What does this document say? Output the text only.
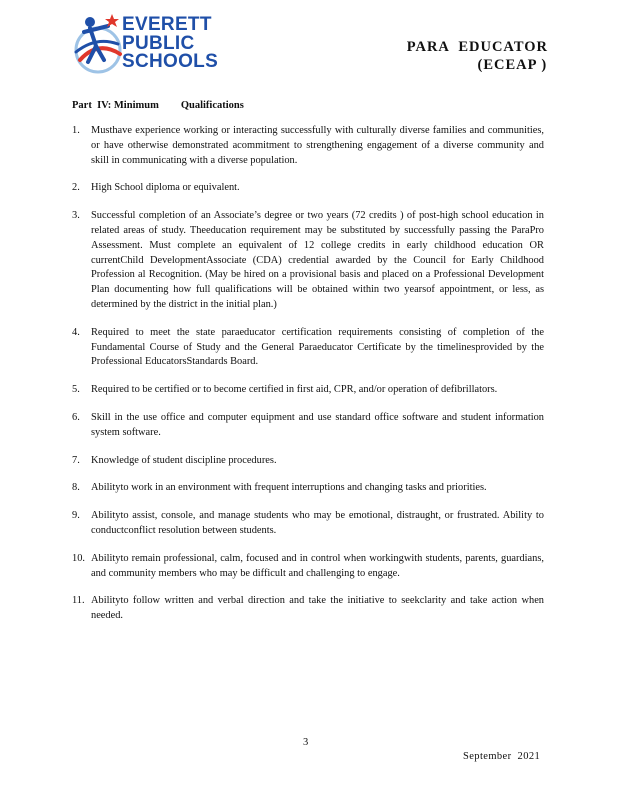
EVERETT
PUBLIC
SCHOOLS
PARA  EDUCATOR
(ECEAP )
Part  IV: Minimum Qualifications
1. Musthave experience working or interacting successfully with culturally diverse families and communities, or have otherwise demonstrated acommitment to strengthening engagement of a diverse community and skill in communicating with a diverse population.
2. High School diploma or equivalent.
3. Successful completion of an Associate’s degree or two years (72 credits ) of post-high school education in related areas of study. Theeducation requirement may be substituted by successfully passing the ParaPro Assessment. Must complete an equivalent of 12 college credits in early childhood education OR currentChild DevelopmentAssociate (CDA) credential awarded by the Council for Early Childhood Profession al Recognition. (May be hired on a provisional basis and placed on a Professional Development Plan documenting how full qualifications will be obtained within two yearsof appointment, or less, as determined by the district in the initial plan.)
4. Required to meet the state paraeducator certification requirements consisting of completion of the Fundamental Course of Study and the General Paraeducator Certificate by the timelinesprovided by the Professional EducatorsStandards Board.
5. Required to be certified or to become certified in first aid, CPR, and/or operation of defibrillators.
6. Skill in the use office and computer equipment and use standard office software and student information system software.
7. Knowledge of student discipline procedures.
8. Abilityto work in an environment with frequent interruptions and changing tasks and priorities.
9. Abilityto assist, console, and manage students who may be emotional, distraught, or frustrated. Ability to conductconflict resolution between students.
10. Abilityto remain professional, calm, focused and in control when workingwith students, parents, guardians, and community members who may be difficult and challenging to engage.
11. Abilityto follow written and verbal direction and take the initiative to seekclarity and take action when needed.
3
September  2021
